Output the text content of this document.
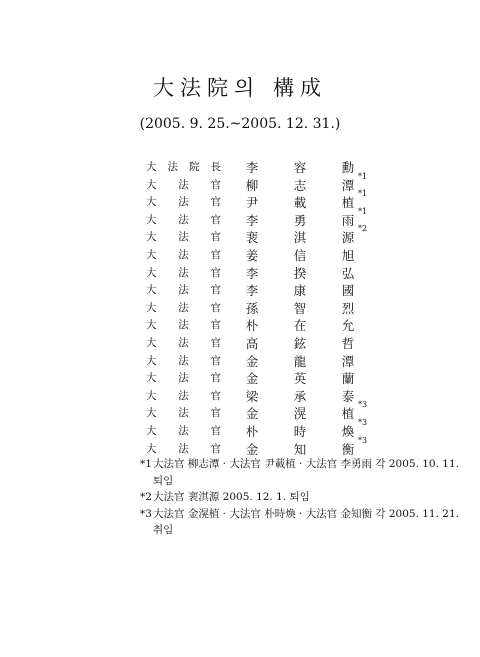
大法院의 構成
(2005. 9. 25.~2005. 12. 31.)
大 法 院 長 李	容	勳
大 法 官 柳	志	潭
*1
大 法 官 尹	載	植
*1
大 法 官 李	勇	雨
*1
大 法 官 裵	淇	源
*2
大 法 官 姜	信	旭
大 法 官 李	揆	弘
大 法 官 李	康	國
大 法 官 孫	智	烈
大 法 官 朴	在	允
大 法 官 高	鉉	哲
大 法 官 金	龍	潭
大 法 官 金	英	蘭
大 法 官 梁	承	泰
大 法 官 金	滉	植
*3
大 法 官 朴	時	煥
*3
大 法 官 金	知	衡
*3
*1 大法官 柳志潭 · 大法官 尹載植 · 大法官 李勇雨 각 2005. 10. 11. 퇴임
*2 大法官 裵淇源 2005. 12. 1. 퇴임
*3 大法官 金滉植 · 大法官 朴時煥 · 大法官 金知衡 각 2005. 11. 21. 취임
